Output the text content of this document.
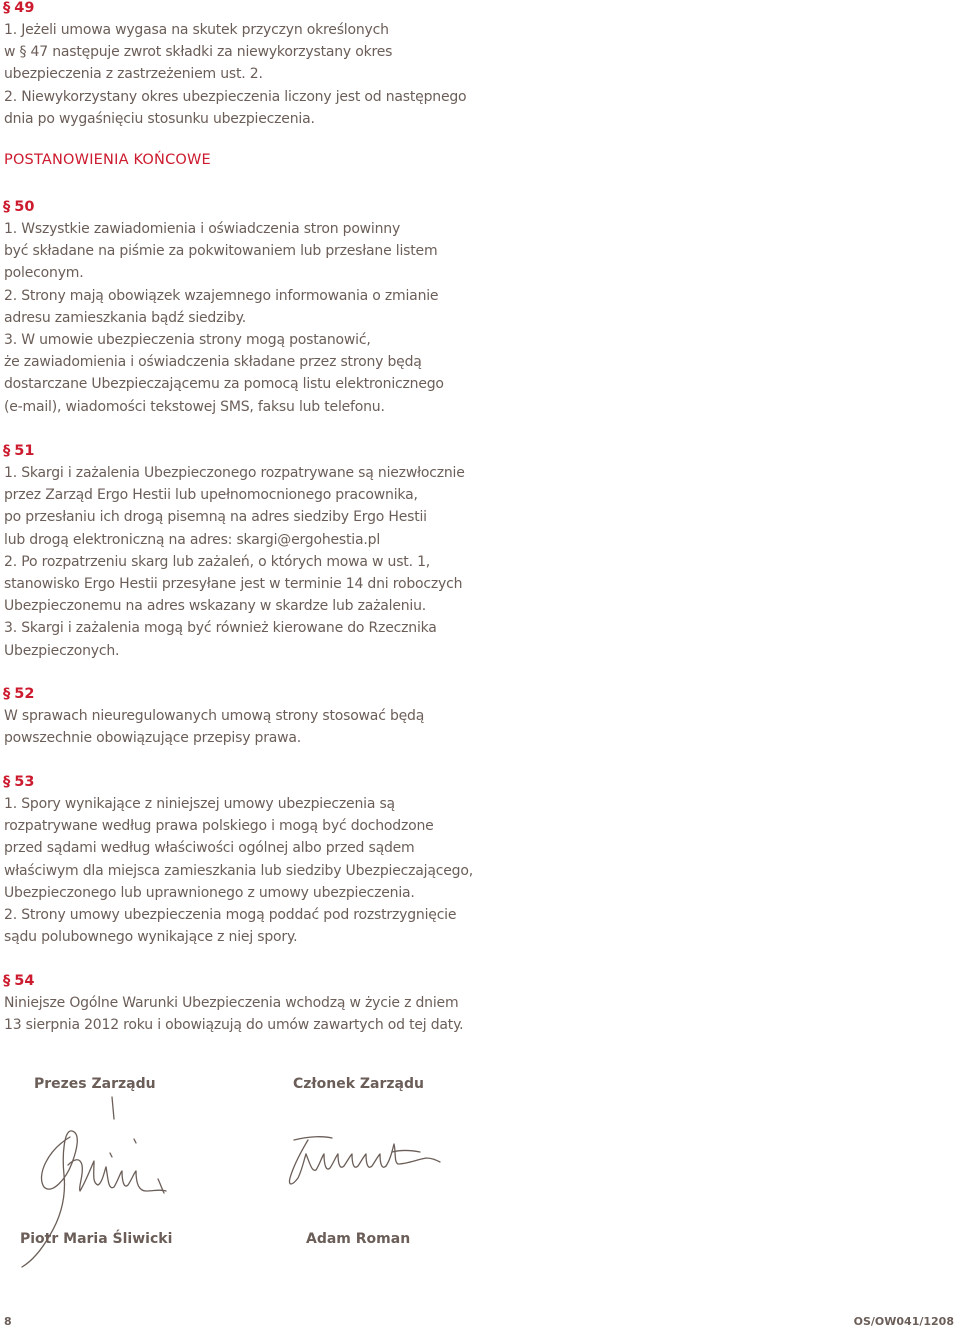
§ 49

1. Jeżeli umowa wygasa na skutek przyczyn określonych
w § 47 następuje zwrot składki za niewykorzystany okres
ubezpieczenia z zastrzeżeniem ust. 2.
2. Niewykorzystany okres ubezpieczenia liczony jest od następnego
dnia po wygaśnięciu stosunku ubezpieczenia.

POSTANOWIENIA KOŃCOWE

§ 50

1. Wszystkie zawiadomienia i oświadczenia stron powinny
być składane na piśmie za pokwitowaniem lub przesłane listem
poleconym.
2. Strony mają obowiązek wzajemnego informowania o zmianie
adresu zamieszkania bądź siedziby.
3. W umowie ubezpieczenia strony mogą postanowić,
że zawiadomienia i oświadczenia składane przez strony będą
dostarczane Ubezpieczającemu za pomocą listu elektronicznego
(e-mail), wiadomości tekstowej SMS, faksu lub telefonu.

§ 51

1. Skargi i zażalenia Ubezpieczonego rozpatrywane są niezwłocznie
przez Zarząd Ergo Hestii lub upełnomocnionego pracownika,
po przesłaniu ich drogą pisemną na adres siedziby Ergo Hestii
lub drogą elektroniczną na adres: skargi@ergohestia.pl
2. Po rozpatrzeniu skarg lub zażaleń, o których mowa w ust. 1,
stanowisko Ergo Hestii przesyłane jest w terminie 14 dni roboczych
Ubezpieczonemu na adres wskazany w skardze lub zażaleniu.
3. Skargi i zażalenia mogą być również kierowane do Rzecznika
Ubezpieczonych.

§ 52

W sprawach nieuregulowanych umową strony stosować będą
powszechnie obowiązujące przepisy prawa.

§ 53

1. Spory wynikające z niniejszej umowy ubezpieczenia są
rozpatrywane według prawa polskiego i mogą być dochodzone
przed sądami według właściwości ogólnej albo przed sądem
właściwym dla miejsca zamieszkania lub siedziby Ubezpieczającego,
Ubezpieczonego lub uprawnionego z umowy ubezpieczenia.
2. Strony umowy ubezpieczenia mogą poddać pod rozstrzygnięcie
sądu polubownego wynikające z niej spory.

§ 54

Niniejsze Ogólne Warunki Ubezpieczenia wchodzą w życie z dniem
13 sierpnia 2012 roku i obowiązują do umów zawartych od tej daty.

Prezes Zarządu	Członek Zarządu

Piotr Maria Śliwicki	Adam Roman

8	OS/OW041/1208
